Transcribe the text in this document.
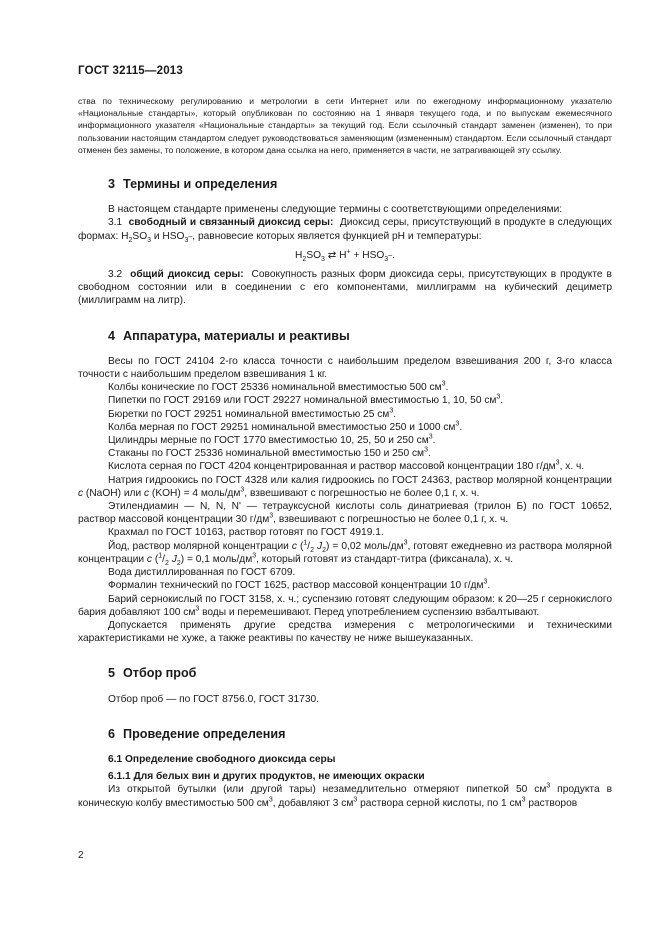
ГОСТ 32115—2013

ства по техническому регулированию и метрологии в сети Интернет или по ежегодному информационному указателю «Национальные стандарты», который опубликован по состоянию на 1 января текущего года, и по выпускам ежемесячного информационного указателя «Национальные стандарты» за текущий год. Если ссылочный стандарт заменен (изменен), то при пользовании настоящим стандартом следует руководствоваться заменяющим (измененным) стандартом. Если ссылочный стандарт отменен без замены, то положение, в котором дана ссылка на него, применяется в части, не затрагивающей эту ссылку.

3 Термины и определения

В настоящем стандарте применены следующие термины с соответствующими определениями:

3.1 свободный и связанный диоксид серы: Диоксид серы, присутствующий в продукте в следующих формах: $H_2SO_3$ и $HSO_{3^-}$, равновесие которых является функцией pH и температуры:

$H_2SO_3$ ⇄ $H^+ + HSO_{3^-}$.

3.2 общий диоксид серы: Совокупность разных форм диоксида серы, присутствующих в продукте в свободном состоянии или в соединении с его компонентами, миллиграмм на кубический дециметр (миллиграмм на литр).

4 Аппаратура, материалы и реактивы

Весы по ГОСТ 24104 2-го класса точности с наибольшим пределом взвешивания 200 г, 3-го класса точности с наибольшим пределом взвешивания 1 кг.

Колбы конические по ГОСТ 25336 номинальной вместимостью 500 $см^3$.

Пипетки по ГОСТ 29169 или ГОСТ 29227 номинальной вместимостью 1, 10, 50 $см^3$.

Бюретки по ГОСТ 29251 номинальной вместимостью 25 $см^3$.

Колба мерная по ГОСТ 29251 номинальной вместимостью 250 и 1000 $см^3$.

Цилиндры мерные по ГОСТ 1770 вместимостью 10, 25, 50 и 250 $см^3$.

Стаканы по ГОСТ 25336 номинальной вместимостью 150 и 250 $см^3$.

Кислота серная по ГОСТ 4204 концентрированная и раствор массовой концентрации 180 $г/дм^3$, х. ч.

Натрия гидроокись по ГОСТ 4328 или калия гидроокись по ГОСТ 24363, раствор молярной концентрации c (NaOH) или c (KOH) = 4 моль/$дм^3$, взвешивают с погрешностью не более 0,1 г, х. ч.

Этилендиамин — N, N, N' — тетрауксусной кислоты соль динатриевая (трилон Б) по ГОСТ 10652, раствор массовой концентрации 30 $г/дм^3$, взвешивают с погрешностью не более 0,1 г, х. ч.

Крахмал по ГОСТ 10163, раствор готовят по ГОСТ 4919.1.

Йод, раствор молярной концентрации c ($^1/_2$ $J_2) = 0,02$ моль/$дм^3$, готовят ежедневно из раствора молярной концентрации c ($^1/_2$ $J_2) = 0,1$ моль/$дм^3$, который готовят из стандарт-титра (фиксанала), х. ч.

Вода дистиллированная по ГОСТ 6709.

Формалин технический по ГОСТ 1625, раствор массовой концентрации 10 $г/дм^3$.

Барий сернокислый по ГОСТ 3158, х. ч.; суспензию готовят следующим образом: к 20—25 г сернокислого бария добавляют 100 $см^3$ воды и перемешивают. Перед употреблением суспензию взбалтывают.

Допускается применять другие средства измерения с метрологическими и техническими характеристиками не хуже, а также реактивы по качеству не ниже вышеуказанных.

5 Отбор проб

Отбор проб — по ГОСТ 8756.0, ГОСТ 31730.

6 Проведение определения

6.1 Определение свободного диоксида серы

6.1.1 Для белых вин и других продуктов, не имеющих окраски

Из открытой бутылки (или другой тары) незамедлительно отмеряют пипеткой 50 $см^3$ продукта в коническую колбу вместимостью 500 $см^3$, добавляют 3 $см^3$ раствора серной кислоты, по 1 $см^3$ растворов

2
